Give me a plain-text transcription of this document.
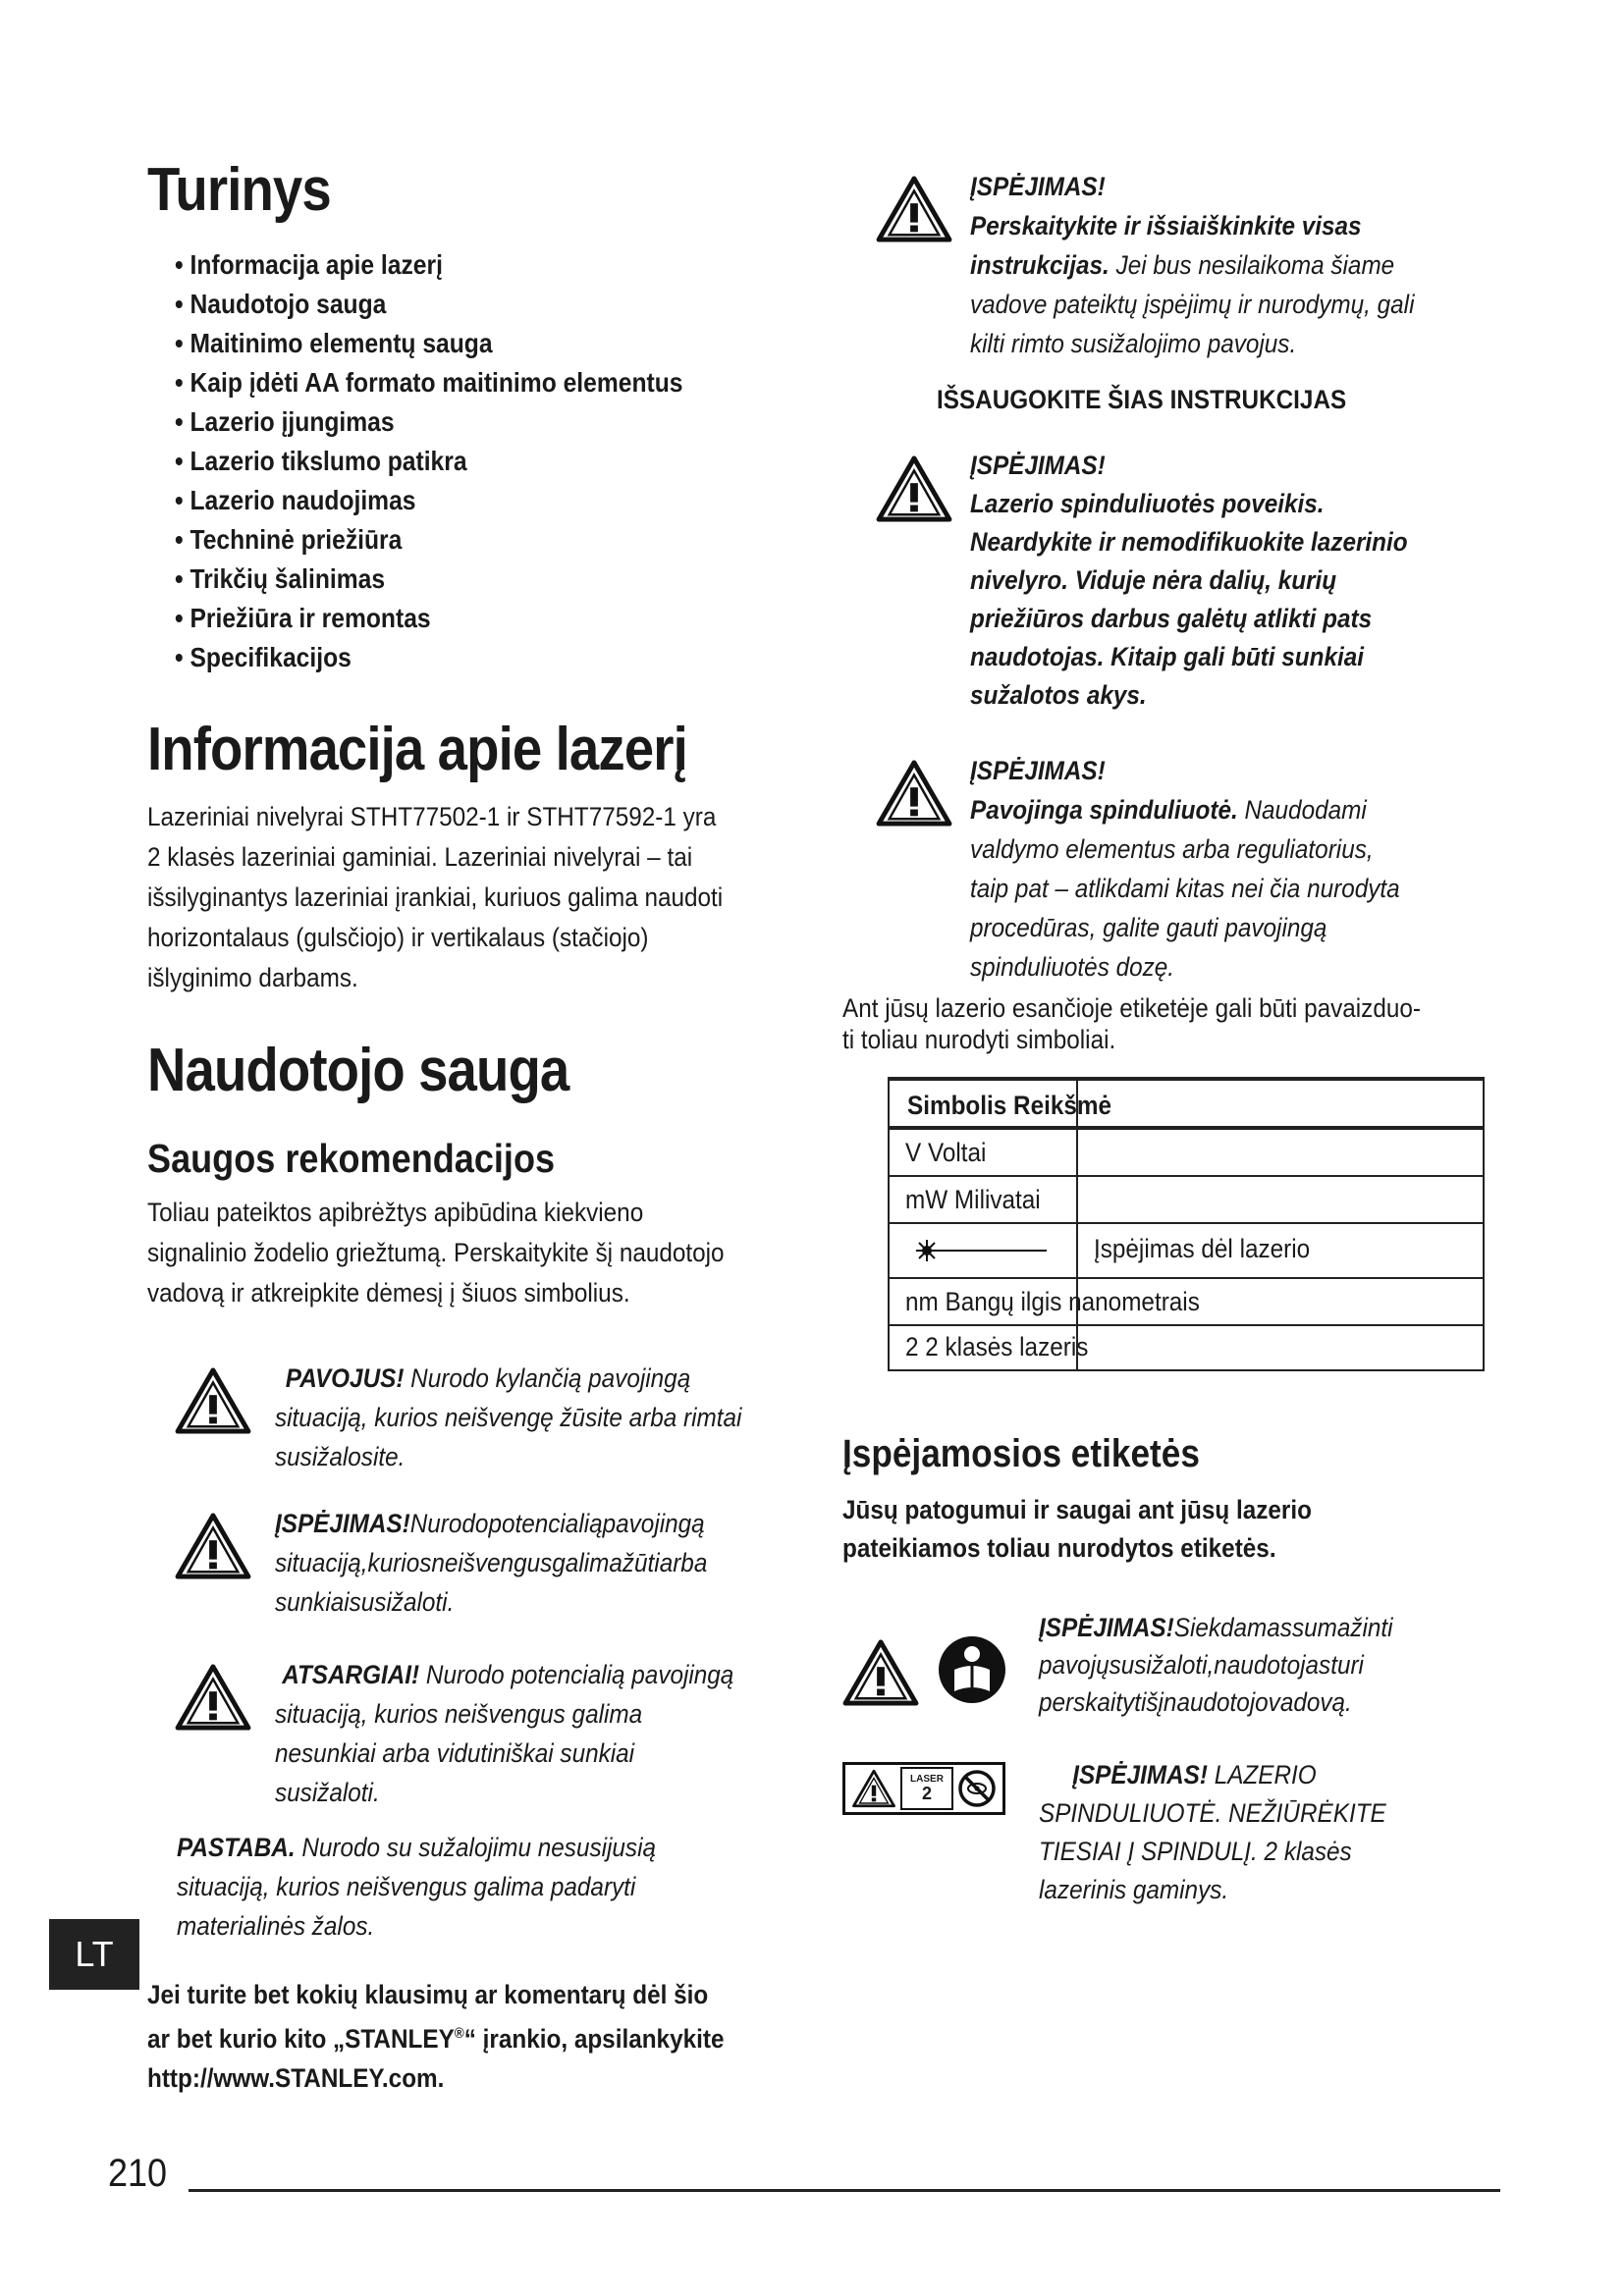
Turinys
• Informacija apie lazerį
• Naudotojo sauga
• Maitinimo elementų sauga
• Kaip įdėti AA formato maitinimo elementus
• Lazerio įjungimas
• Lazerio tikslumo patikra
• Lazerio naudojimas
• Techninė priežiūra
• Trikčių šalinimas
• Priežiūra ir remontas
• Specifikacijos
Informacija apie lazerį
Lazeriniai nivelyrai STHT77502-1 ir STHT77592-1 yra
2 klasės lazeriniai gaminiai. Lazeriniai nivelyrai – tai
išsilyginantys lazeriniai įrankiai, kuriuos galima naudoti
horizontalaus (gulsčiojo) ir vertikalaus (stačiojo)
išlyginimo darbams.
Naudotojo sauga
Saugos rekomendacijos
Toliau pateiktos apibrėžtys apibūdina kiekvieno
signalinio žodelio griežtumą. Perskaitykite šį naudotojo
vadovą ir atkreipkite dėmesį į šiuos simbolius.
PAVOJUS! Nurodo kylančią pavojingą
situaciją, kurios neišvengę žūsite arba rimtai
susižalosite.
ĮSPĖJIMAS!Nurodopotencialiąpavojingą
situaciją,kuriosneišvengusgalimažūtiarba
sunkiaisusižaloti.
ATSARGIAI! Nurodo potencialią pavojingą
situaciją, kurios neišvengus galima
nesunkiai arba vidutiniškai sunkiai
susižaloti.
PASTABA. Nurodo su sužalojimu nesusijusią
situaciją, kurios neišvengus galima padaryti
materialinės žalos.
Jei turite bet kokių klausimų ar komentarų dėl šio
ar bet kurio kito „STANLEY®“ įrankio, apsilankykite
http://www.STANLEY.com.
ĮSPĖJIMAS!
Perskaitykite ir išsiaiškinkite visas
instrukcijas. Jei bus nesilaikoma šiame
vadove pateiktų įspėjimų ir nurodymų, gali
kilti rimto susižalojimo pavojus.
IŠSAUGOKITE ŠIAS INSTRUKCIJAS
ĮSPĖJIMAS!
Lazerio spinduliuotės poveikis.
Neardykite ir nemodifikuokite lazerinio
nivelyro. Viduje nėra dalių, kurių
priežiūros darbus galėtų atlikti pats
naudotojas. Kitaip gali būti sunkiai
sužalotos akys.
ĮSPĖJIMAS!
Pavojinga spinduliuotė. Naudodami
valdymo elementus arba reguliatorius,
taip pat – atlikdami kitas nei čia nurodyta
procedūras, galite gauti pavojingą
spinduliuotės dozę.
Ant jūsų lazerio esančioje etiketėje gali būti pavaizduo-
ti toliau nurodyti simboliai.
Simbolis Reikšmė
V Voltai
mW Milivatai
Įspėjimas dėl lazerio
nm Bangų ilgis nanometrais
2 2 klasės lazeris
Įspėjamosios etiketės
Jūsų patogumui ir saugai ant jūsų lazerio
pateikiamos toliau nurodytos etiketės.
ĮSPĖJIMAS!Siekdamassumažinti
pavojųsusižaloti,naudotojasturi
perskaitytišįnaudotojovadovą.
LASER
2
ĮSPĖJIMAS! LAZERIO
SPINDULIUOTĖ. NEŽIŪRĖKITE
TIESIAI Į SPINDULĮ. 2 klasės
lazerinis gaminys.
LT
210
